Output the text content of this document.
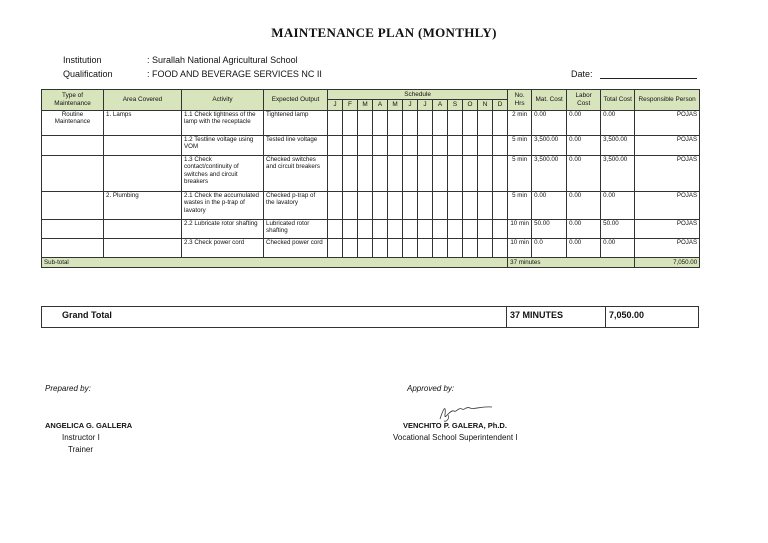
MAINTENANCE PLAN (MONTHLY)
Institution	: Surallah National Agricultural School
Qualification	: FOOD AND BEVERAGE SERVICES NC II	Date:
Type of Maintenance	Area Covered	Activity	Expected Output	Schedule												No. Hrs	Mat. Cost	Labor Cost	Total Cost	Responsible Person
				J	F	M	A	M	J	J	A	S	O	N	D					
Routine Maintenance	1. Lamps	1.1 Check tightness of the lamp with the receptacle	Tightened lamp													2 min	0.00	0.00	0.00	POJAS
		1.2 Testline voltage using VOM	Tested line voltage													5 min	3,500.00	0.00	3,500.00	POJAS
		1.3 Check contact/continuity of switches and circuit breakers	Checked switches and circuit breakers													5 min	3,500.00	0.00	3,500.00	POJAS
	2. Plumbing	2.1 Check the accumulated wastes in the p-trap of lavatory	Checked p-trap of the lavatory													5 min	0.00	0.00	0.00	POJAS
		2.2 Lubricate rotor shafting	Lubricated rotor shafting													10 min	50.00	0.00	50.00	POJAS
		2.3 Check power cord	Checked power cord													10 min	0.0	0.00	0.00	POJAS
Sub-total																37 minutes				7,050.00
Grand Total	37 MINUTES	7,050.00
Prepared by:
ANGELICA G. GALLERA
Instructor I
Trainer
Approved by:
VENCHITO P. GALERA, Ph.D.
Vocational School Superintendent I
